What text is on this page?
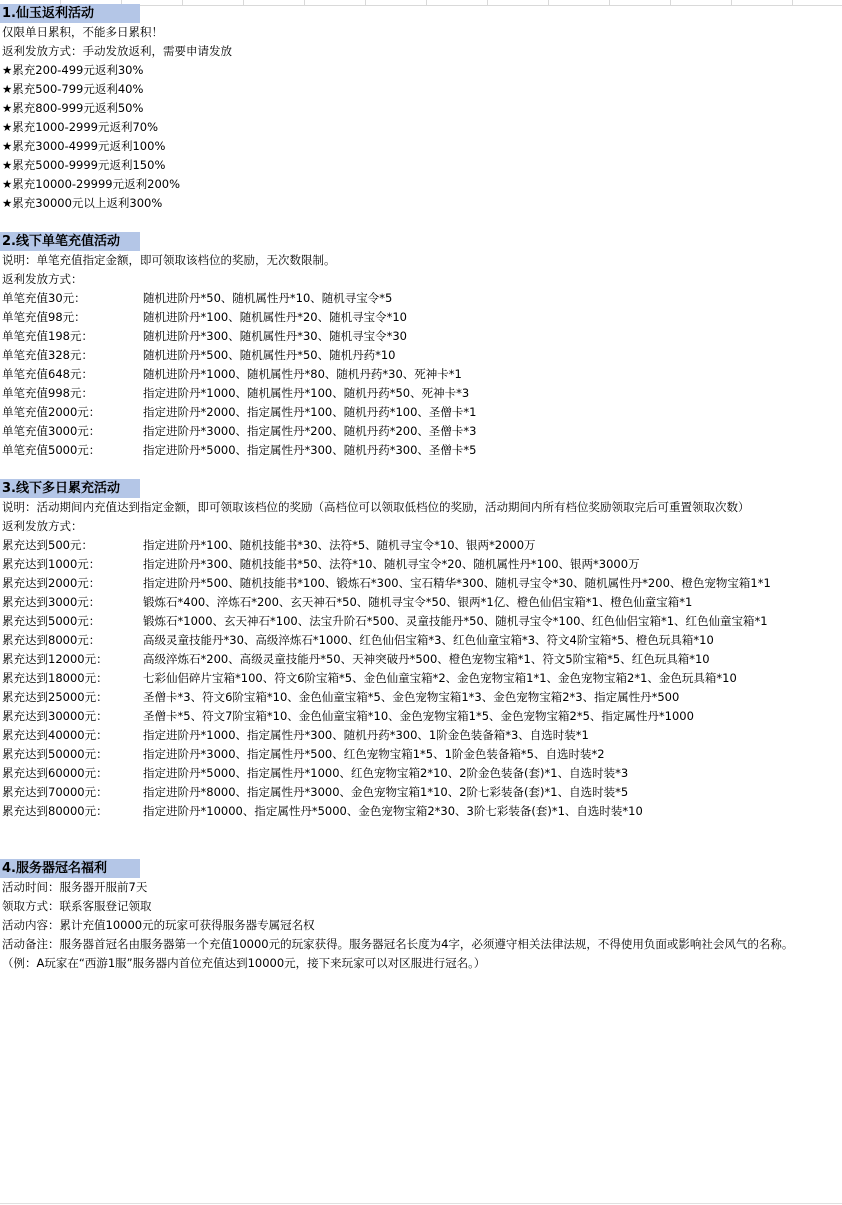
1.仙玉返利活动
仅限单日累积，不能多日累积！
返利发放方式：手动发放返利，需要申请发放
★累充200-499元返利30%
★累充500-799元返利40%
★累充800-999元返利50%
★累充1000-2999元返利70%
★累充3000-4999元返利100%
★累充5000-9999元返利150%
★累充10000-29999元返利200%
★累充30000元以上返利300%
2.线下单笔充值活动
说明：单笔充值指定金额，即可领取该档位的奖励，无次数限制。
返利发放方式：
单笔充值30元：	随机进阶丹*50、随机属性丹*10、随机寻宝令*5
单笔充值98元：	随机进阶丹*100、随机属性丹*20、随机寻宝令*10
单笔充值198元：	随机进阶丹*300、随机属性丹*30、随机寻宝令*30
单笔充值328元：	随机进阶丹*500、随机属性丹*50、随机丹药*10
单笔充值648元：	随机进阶丹*1000、随机属性丹*80、随机丹药*30、死神卡*1
单笔充值998元：	指定进阶丹*1000、随机属性丹*100、随机丹药*50、死神卡*3
单笔充值2000元：	指定进阶丹*2000、指定属性丹*100、随机丹药*100、圣僧卡*1
单笔充值3000元：	指定进阶丹*3000、指定属性丹*200、随机丹药*200、圣僧卡*3
单笔充值5000元：	指定进阶丹*5000、指定属性丹*300、随机丹药*300、圣僧卡*5
3.线下多日累充活动
说明：活动期间内充值达到指定金额，即可领取该档位的奖励（高档位可以领取低档位的奖励，活动期间内所有档位奖励领取完后可重置领取次数）
返利发放方式：
累充达到500元：	指定进阶丹*100、随机技能书*30、法符*5、随机寻宝令*10、银两*2000万
累充达到1000元：	指定进阶丹*300、随机技能书*50、法符*10、随机寻宝令*20、随机属性丹*100、银两*3000万
累充达到2000元：	指定进阶丹*500、随机技能书*100、锻炼石*300、宝石精华*300、随机寻宝令*30、随机属性丹*200、橙色宠物宝箱1*1
累充达到3000元：	锻炼石*400、淬炼石*200、玄天神石*50、随机寻宝令*50、银两*1亿、橙色仙侣宝箱*1、橙色仙童宝箱*1
累充达到5000元：	锻炼石*1000、玄天神石*100、法宝升阶石*500、灵童技能丹*50、随机寻宝令*100、红色仙侣宝箱*1、红色仙童宝箱*1
累充达到8000元：	高级灵童技能丹*30、高级淬炼石*1000、红色仙侣宝箱*3、红色仙童宝箱*3、符文4阶宝箱*5、橙色玩具箱*10
累充达到12000元：	高级淬炼石*200、高级灵童技能丹*50、天神突破丹*500、橙色宠物宝箱*1、符文5阶宝箱*5、红色玩具箱*10
累充达到18000元：	七彩仙侣碎片宝箱*100、符文6阶宝箱*5、金色仙童宝箱*2、金色宠物宝箱1*1、金色宠物宝箱2*1、金色玩具箱*10
累充达到25000元：	圣僧卡*3、符文6阶宝箱*10、金色仙童宝箱*5、金色宠物宝箱1*3、金色宠物宝箱2*3、指定属性丹*500
累充达到30000元：	圣僧卡*5、符文7阶宝箱*10、金色仙童宝箱*10、金色宠物宝箱1*5、金色宠物宝箱2*5、指定属性丹*1000
累充达到40000元：	指定进阶丹*1000、指定属性丹*300、随机丹药*300、1阶金色装备箱*3、自选时装*1
累充达到50000元：	指定进阶丹*3000、指定属性丹*500、红色宠物宝箱1*5、1阶金色装备箱*5、自选时装*2
累充达到60000元：	指定进阶丹*5000、指定属性丹*1000、红色宠物宝箱2*10、2阶金色装备(套)*1、自选时装*3
累充达到70000元：	指定进阶丹*8000、指定属性丹*3000、金色宠物宝箱1*10、2阶七彩装备(套)*1、自选时装*5
累充达到80000元：	指定进阶丹*10000、指定属性丹*5000、金色宠物宝箱2*30、3阶七彩装备(套)*1、自选时装*10
4.服务器冠名福利
活动时间：服务器开服前7天
领取方式：联系客服登记领取
活动内容：累计充值10000元的玩家可获得服务器专属冠名权
活动备注：服务器首冠名由服务器第一个充值10000元的玩家获得。服务器冠名长度为4字，必须遵守相关法律法规，不得使用负面或影响社会风气的名称。
（例：A玩家在“西游1服”服务器内首位充值达到10000元，接下来玩家可以对区服进行冠名。）
